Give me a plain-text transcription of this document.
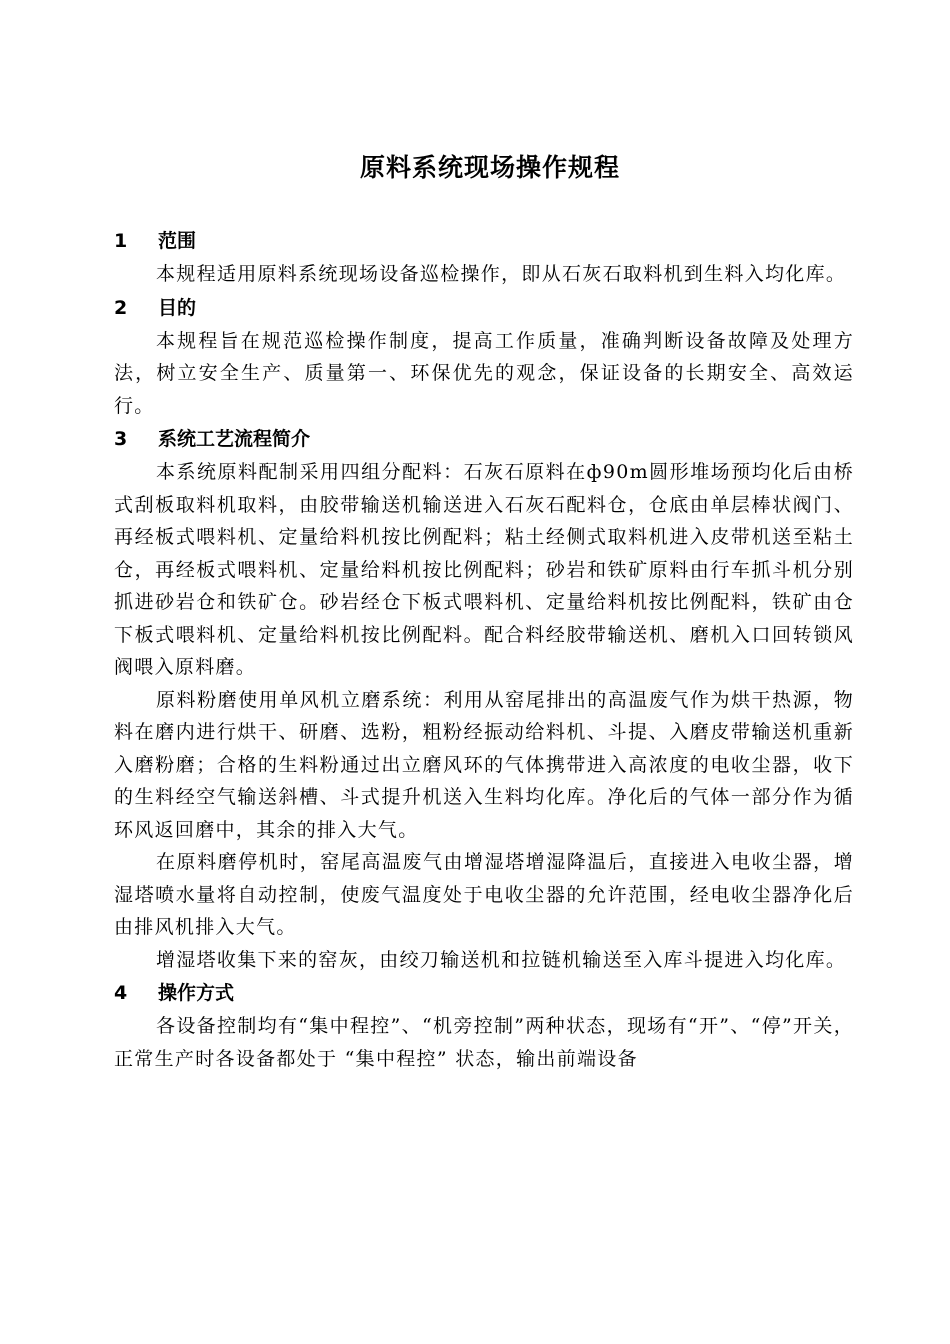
原料系统现场操作规程
1 范围

本规程适用原料系统现场设备巡检操作，即从石灰石取料机到生料入均化库。

2 目的

本规程旨在规范巡检操作制度，提高工作质量，准确判断设备故障及处理方法，树立安全生产、质量第一、环保优先的观念，保证设备的长期安全、高效运行。

3 系统工艺流程简介

本系统原料配制采用四组分配料：石灰石原料在ф90m圆形堆场预均化后由桥式刮板取料机取料，由胶带输送机输送进入石灰石配料仓，仓底由单层棒状阀门、再经板式喂料机、定量给料机按比例配料；粘土经侧式取料机进入皮带机送至粘土仓，再经板式喂料机、定量给料机按比例配料；砂岩和铁矿原料由行车抓斗机分别抓进砂岩仓和铁矿仓。砂岩经仓下板式喂料机、定量给料机按比例配料，铁矿由仓下板式喂料机、定量给料机按比例配料。配合料经胶带输送机、磨机入口回转锁风阀喂入原料磨。

原料粉磨使用单风机立磨系统：利用从窑尾排出的高温废气作为烘干热源，物料在磨内进行烘干、研磨、选粉，粗粉经振动给料机、斗提、入磨皮带输送机重新入磨粉磨；合格的生料粉通过出立磨风环的气体携带进入高浓度的电收尘器，收下的生料经空气输送斜槽、斗式提升机送入生料均化库。净化后的气体一部分作为循环风返回磨中，其余的排入大气。

在原料磨停机时，窑尾高温废气由增湿塔增湿降温后，直接进入电收尘器，增湿塔喷水量将自动控制，使废气温度处于电收尘器的允许范围，经电收尘器净化后由排风机排入大气。

增湿塔收集下来的窑灰，由绞刀输送机和拉链机输送至入库斗提进入均化库。

4 操作方式

各设备控制均有“集中程控”、“机旁控制”两种状态，现场有“开”、“停”开关，正常生产时各设备都处于 “集中程控” 状态，输出前端设备
